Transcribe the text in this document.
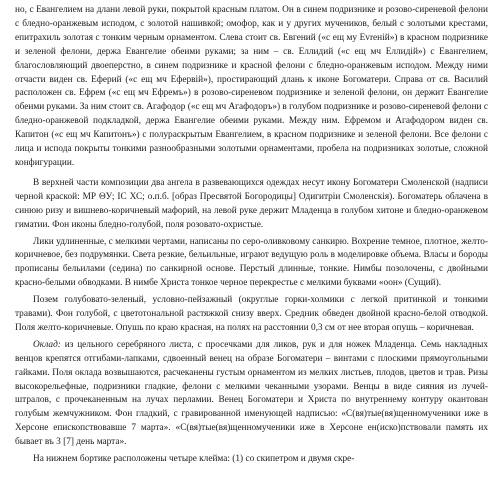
но, с Евангелием на длани левой руки, покрытой красным платом. Он в синем подризнике и розово-сиреневой фелони с бледно-оранжевым исподом, с золотой нашивкой; омофор, как и у других мучеников, белый с золотыми крестами, епитрахиль золотая с тонким черным орнаментом. Слева стоит св. Евгений («с ещ му Evrенiй») в красном подризнике и зеленой фелони, держа Евангелие обеими руками; за ним – св. Еллидий («с ещ мч Еллидiй») с Евангелием, благословляющий двоеперстно, в синем подризнике и красной фелони с бледно-оранжевым исподом. Между ними отчасти виден св. Еферий («с ещ мч Ефервiй»), простирающий длань к иконе Богоматери. Справа от св. Василий расположен св. Ефрем («с ещ мч Ефремъ») в розово-сиреневом подризнике и зеленой фелони, он держит Евангелие обеими руками. За ним стоит св. Агафодор («с ещ мч Агафодоръ») в голубом подризнике и розово-сиреневой фелони с бледно-оранжевой подкладкой, держа Евангелие обеими руками. Между ним. Ефремом и Агафодором виден св. Капитон («с ещ мч Капитонъ») с полураскрытым Евангелием, в красном подризнике и зеленой фелони. Все фелони с лица и испода покрыты тонкими разнообразными золотыми орнаментами, пробела на подризниках золотые, сложной конфигурации.

В верхней части композиции два ангела в развевающихся одеждах несут икону Богоматери Смоленской (надписи черной краской: МР ΘУ; IC ХС; о.п.б. [образ Пресвятой Богородицы] Одигитрiи Смоленскiя). Богоматерь облачена в синюю ризу и вишнево-коричневый мафорий, на левой руке держит Младенца в голубом хитоне и бледно-оранжевом гиматии. Фон иконы бледно-голубой, поля розовато-охристые.

Лики удлиненные, с мелкими чертами, написаны по серо-оливковому санкирю. Вохрение темное, плотное, желто-коричневое, без подрумянки. Света резкие, бельильные, играют ведущую роль в моделировке объема. Власы и бороды прописаны бельилами (седина) по санкирной основе. Перстый длинные, тонкие. Нимбы позолочены, с двойными красно-белыми обводками. В нимбе Христа тонкое черное перекрестье с мелкими буквами «оон» (Сущий).

Позем голубовато-зеленый, условно-пейзажный (округлые горки-холмики с легкой притинкой и тонкими травами). Фон голубой, с цветотональной растяжкой снизу вверх. Средник обведен двойной красно-белой отводкой. Поля желто-коричневые. Опушь по краю красная, на полях на расстоянии 0,3 см от нее вторая опушь – коричневая.

Оклад: из цельного серебряного листа, с просечками для ликов, рук и для ножек Младенца. Семь накладных венцов крепятся отгибами-лапками, сдвоенный венец на образе Богоматери – винтами с плоскими прямоугольными гайками. Поля оклада возвышаются, расчеканены густым орнаментом из мелких листьев, плодов, цветов и трав. Ризы высокорельефные, подризники гладкие, фелони с мелкими чеканными узорами. Венцы в виде сияния из лучей-штралов, с прочеканенным на лучах перламии. Венец Богоматери и Христа по внутреннему контуру окантован голубым жемчужником. Фон гладкий, с гравированной именующей надписью: «С(вя)тые(вя)щенномученики иже в Херсоне епископствовавше 7 марта». «С(вя)тые(вя)щенномученики иже в Херсоне ен(иско)пствовали память их бывает въ 3 [7] день марта».

На нижнем бортике расположены четыре клейма: (1) со скипетром и двумя скре-
